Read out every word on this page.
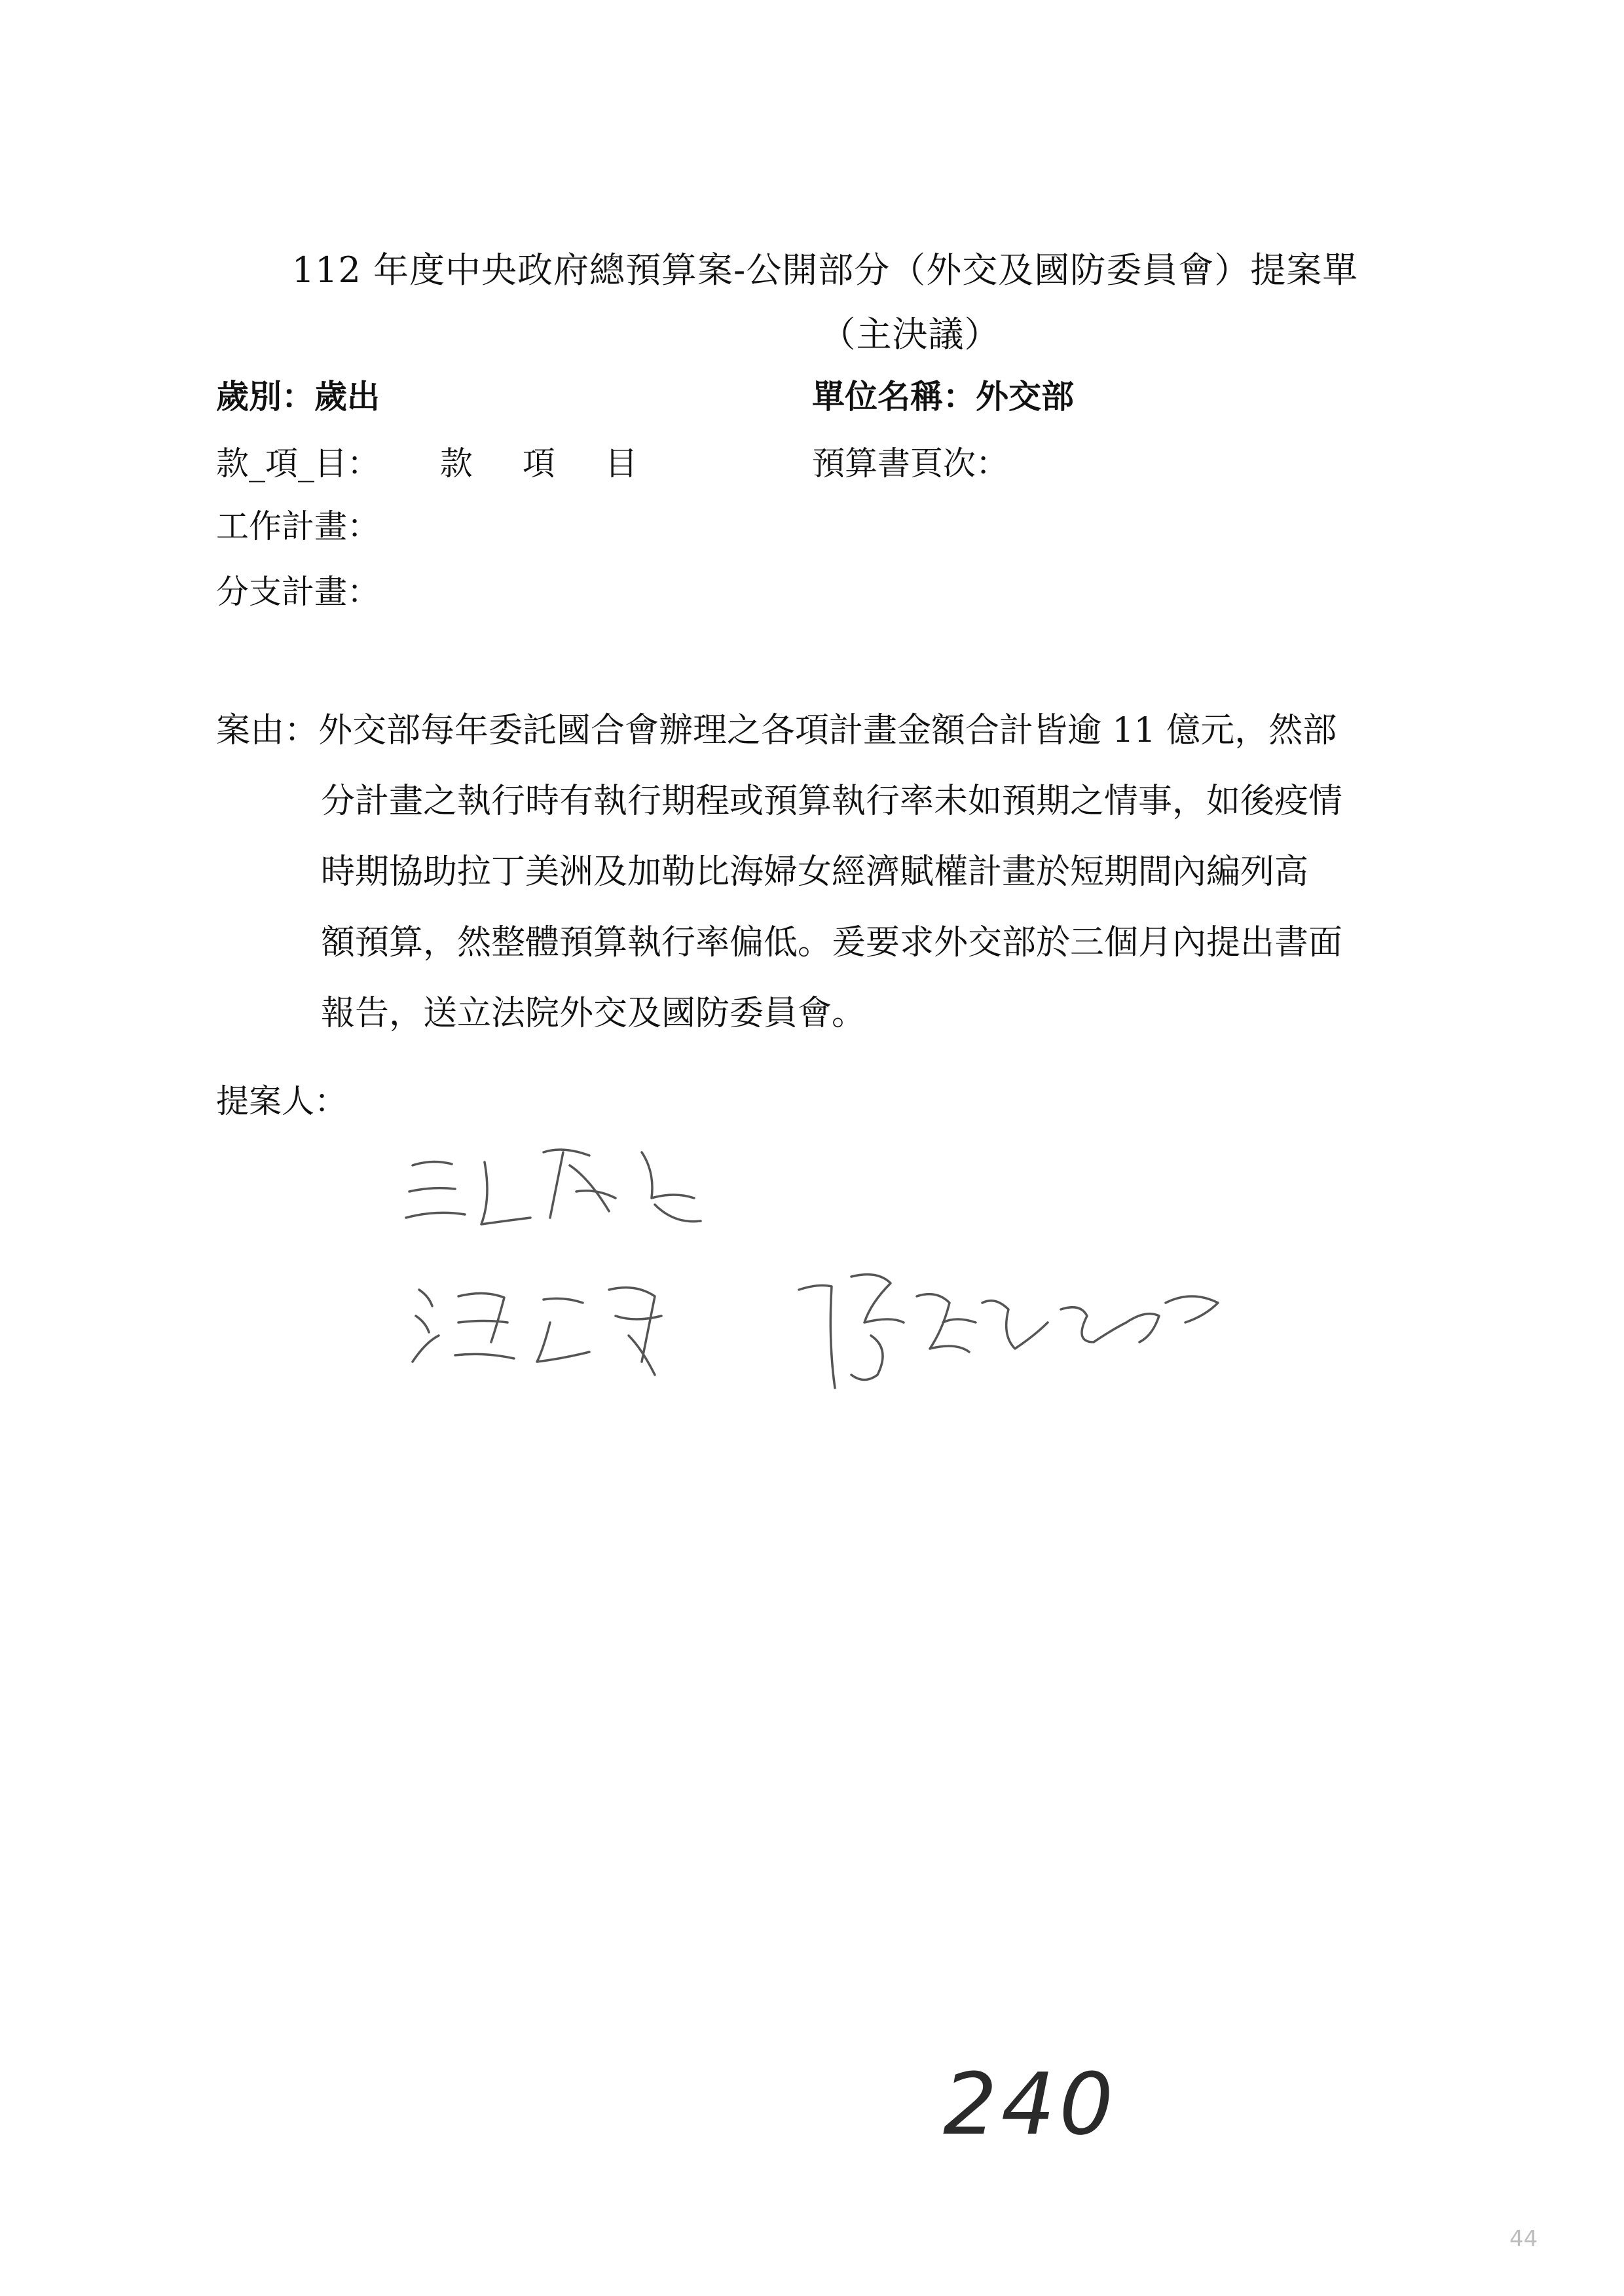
112 年度中央政府總預算案-公開部分（外交及國防委員會）提案單
（主決議）
歲別：歲出	單位名稱：外交部
款_項_目： 款 項 目	預算書頁次：
工作計畫：
分支計畫：
案由：外交部每年委託國合會辦理之各項計畫金額合計皆逾 11 億元，然部
分計畫之執行時有執行期程或預算執行率未如預期之情事，如後疫情
時期協助拉丁美洲及加勒比海婦女經濟賦權計畫於短期間內編列高
額預算，然整體預算執行率偏低。爰要求外交部於三個月內提出書面
報告，送立法院外交及國防委員會。
提案人：
240
44
